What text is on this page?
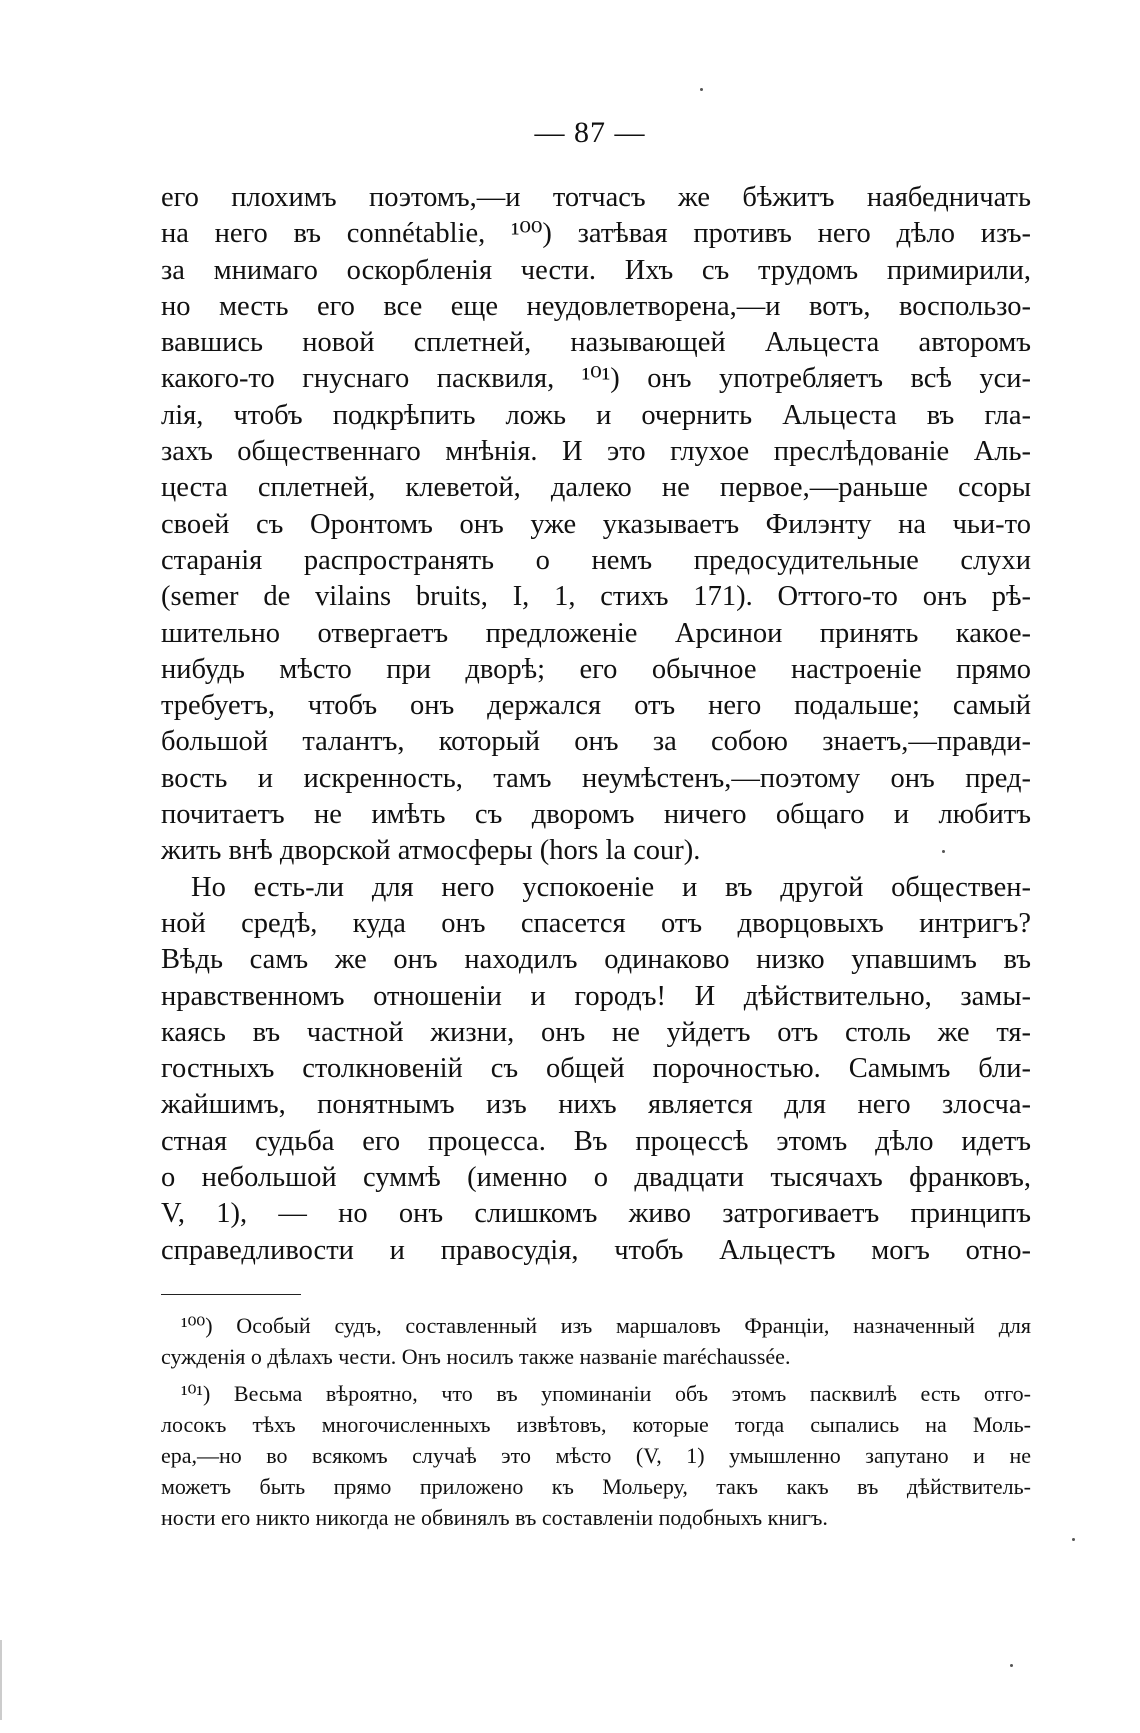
— 87 —
его плохимъ поэтомъ,—и тотчасъ же бѣжитъ наябедничать
на него въ connétablie, ¹⁰⁰) затѣвая противъ него дѣло изъ-
за мнимаго оскорбленія чести. Ихъ съ трудомъ примирили,
но месть его все еще неудовлетворена,—и вотъ, воспользо-
вавшись новой сплетней, называющей Альцеста авторомъ
какого-то гнуснаго пасквиля, ¹⁰¹) онъ употребляетъ всѣ уси-
лія, чтобъ подкрѣпить ложь и очернить Альцеста въ гла-
захъ общественнаго мнѣнія. И это глухое преслѣдованіе Аль-
цеста сплетней, клеветой, далеко не первое,—раньше ссоры
своей съ Оронтомъ онъ уже указываетъ Филэнту на чьи-то
старанія распространять о немъ предосудительные слухи
(semer de vilains bruits, I, 1, стихъ 171). Оттого-то онъ рѣ-
шительно отвергаетъ предложеніе Арсинои принять какое-
нибудь мѣсто при дворѣ; его обычное настроеніе прямо
требуетъ, чтобъ онъ держался отъ него подальше; самый
большой талантъ, который онъ за собою знаетъ,—правди-
вость и искренность, тамъ неумѣстенъ,—поэтому онъ пред-
почитаетъ не имѣть съ дворомъ ничего общаго и любитъ
жить внѣ дворской атмосферы (hors la cour).
Но есть-ли для него успокоеніе и въ другой обществен-
ной средѣ, куда онъ спасется отъ дворцовыхъ интригъ?
Вѣдь самъ же онъ находилъ одинаково низко упавшимъ въ
нравственномъ отношеніи и городъ! И дѣйствительно, замы-
каясь въ частной жизни, онъ не уйдетъ отъ столь же тя-
гостныхъ столкновеній съ общей порочностью. Самымъ бли-
жайшимъ, понятнымъ изъ нихъ является для него злосча-
стная судьба его процесса. Въ процессѣ этомъ дѣло идетъ
о небольшой суммѣ (именно о двадцати тысячахъ франковъ,
V, 1), — но онъ слишкомъ живо затрогиваетъ принципъ
справедливости и правосудія, чтобъ Альцестъ могъ отно-
¹⁰⁰) Особый судъ, составленный изъ маршаловъ Франціи, назначенный для
сужденія о дѣлахъ чести. Онъ носилъ также названіе maréchaussée.
¹⁰¹) Весьма вѣроятно, что въ упоминаніи объ этомъ пасквилѣ есть отго-
лосокъ тѣхъ многочисленныхъ извѣтовъ, которые тогда сыпались на Моль-
ера,—но во всякомъ случаѣ это мѣсто (V, 1) умышленно запутано и не
можетъ быть прямо приложено къ Мольеру, такъ какъ въ дѣйствитель-
ности его никто никогда не обвинялъ въ составленіи подобныхъ книгъ.
